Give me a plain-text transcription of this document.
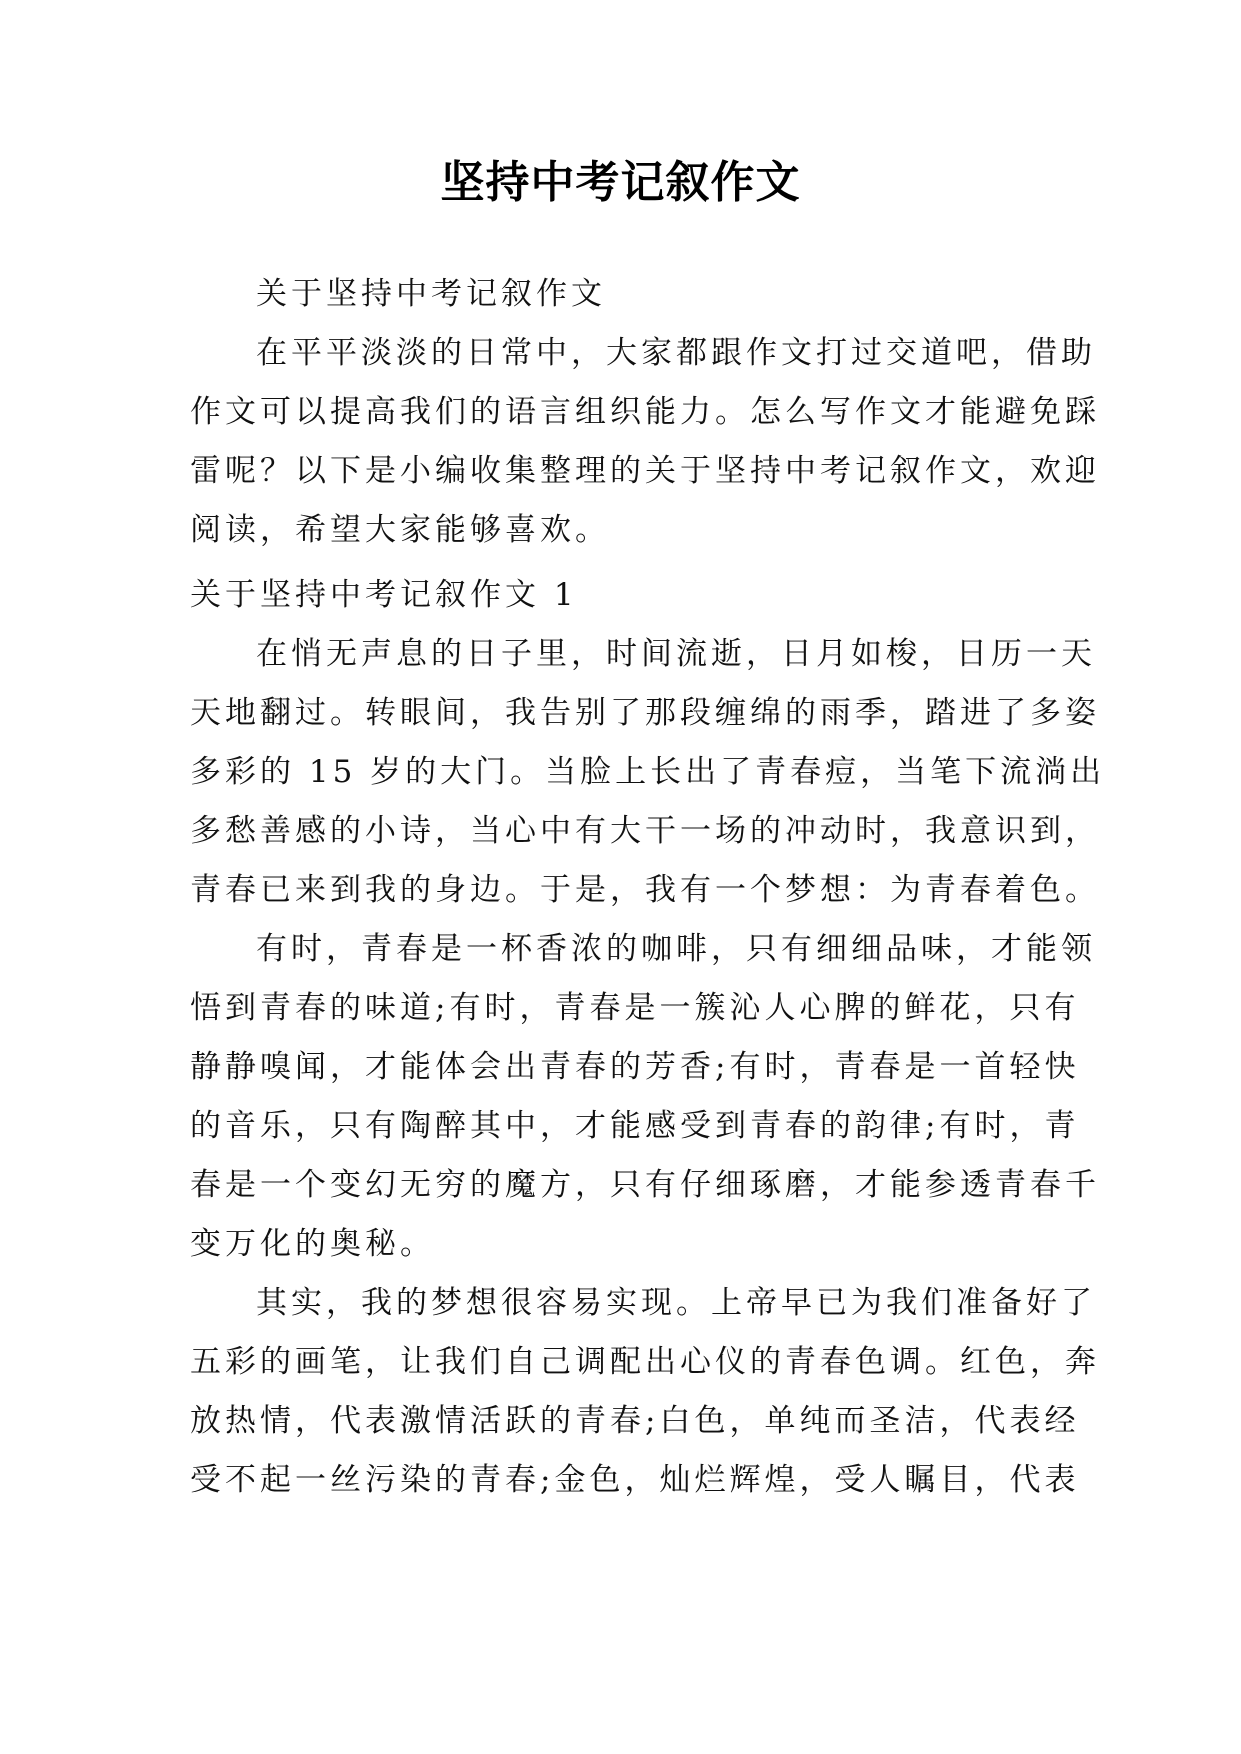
坚持中考记叙作文
关于坚持中考记叙作文
在平平淡淡的日常中，大家都跟作文打过交道吧，借助
作文可以提高我们的语言组织能力。怎么写作文才能避免踩
雷呢？以下是小编收集整理的关于坚持中考记叙作文，欢迎
阅读，希望大家能够喜欢。
关于坚持中考记叙作文 1
在悄无声息的日子里，时间流逝，日月如梭，日历一天
天地翻过。转眼间，我告别了那段缠绵的雨季，踏进了多姿
多彩的 15 岁的大门。当脸上长出了青春痘，当笔下流淌出
多愁善感的小诗，当心中有大干一场的冲动时，我意识到，
青春已来到我的身边。于是，我有一个梦想：为青春着色。
有时，青春是一杯香浓的咖啡，只有细细品味，才能领
悟到青春的味道;有时，青春是一簇沁人心脾的鲜花，只有
静静嗅闻，才能体会出青春的芳香;有时，青春是一首轻快
的音乐，只有陶醉其中，才能感受到青春的韵律;有时，青
春是一个变幻无穷的魔方，只有仔细琢磨，才能参透青春千
变万化的奥秘。
其实，我的梦想很容易实现。上帝早已为我们准备好了
五彩的画笔，让我们自己调配出心仪的青春色调。红色，奔
放热情，代表激情活跃的青春;白色，单纯而圣洁，代表经
受不起一丝污染的青春;金色，灿烂辉煌，受人瞩目，代表
